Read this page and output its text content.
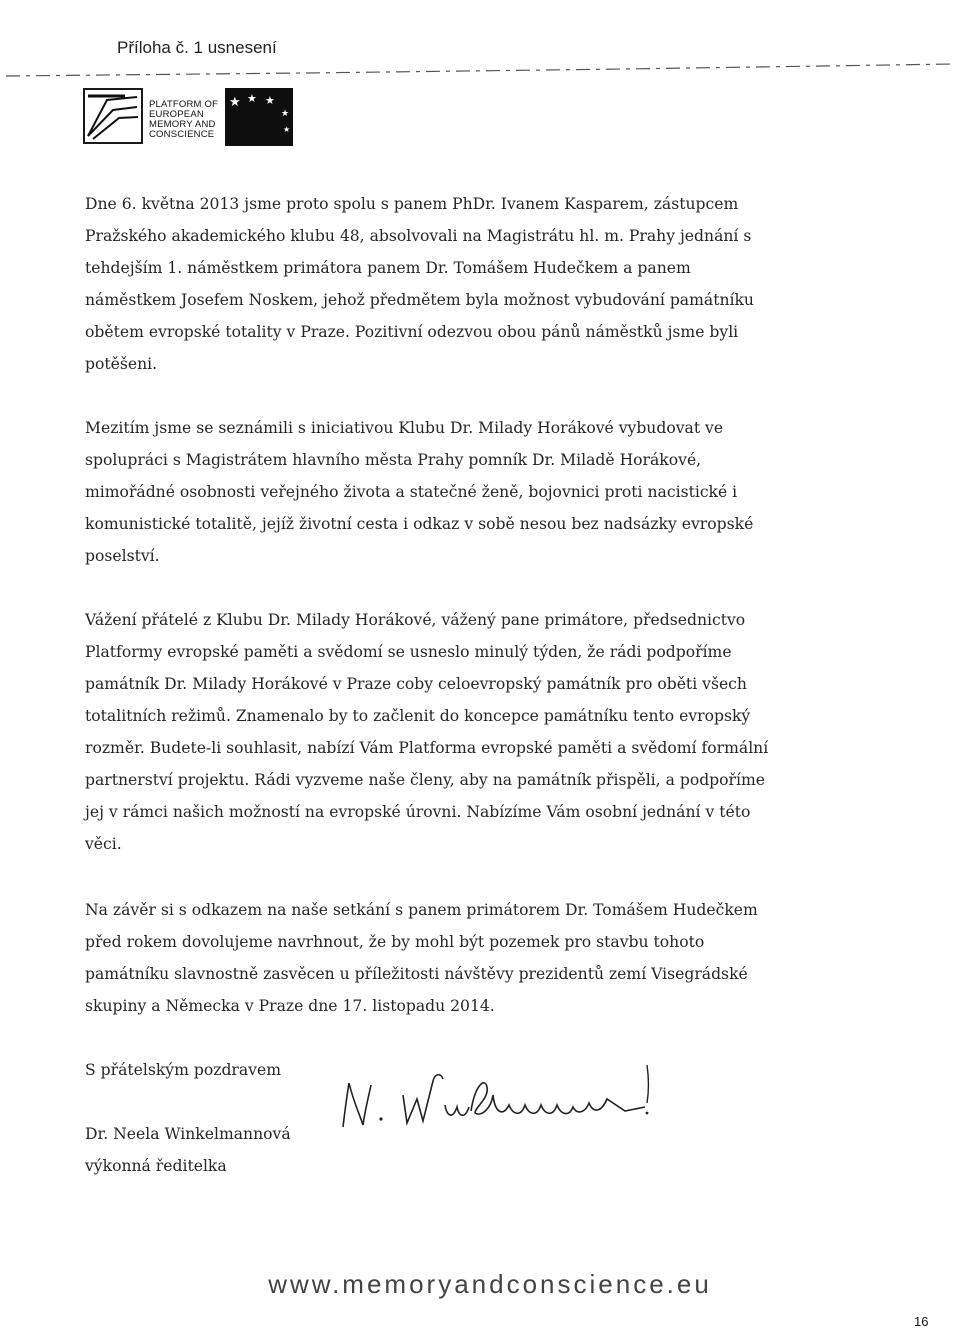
Příloha č. 1 usnesení
PLATFORM OF EUROPEAN MEMORY AND CONSCIENCE
★ ★ ★
★
★

Dne 6. května 2013 jsme proto spolu s panem PhDr. Ivanem Kasparem, zástupcem Pražského akademického klubu 48, absolvovali na Magistrátu hl. m. Prahy jednání s tehdejším 1. náměstkem primátora panem Dr. Tomášem Hudečkem a panem náměstkem Josefem Noskem, jehož předmětem byla možnost vybudování památníku obětem evropské totality v Praze. Pozitivní odezvou obou pánů náměstků jsme byli potěšeni.

Mezitím jsme se seznámili s iniciativou Klubu Dr. Milady Horákové vybudovat ve spolupráci s Magistrátem hlavního města Prahy pomník Dr. Miladě Horákové, mimořádné osobnosti veřejného života a statečné ženě, bojovnici proti nacistické i komunistické totalitě, jejíž životní cesta i odkaz v sobě nesou bez nadsázky evropské poselství.

Vážení přátelé z Klubu Dr. Milady Horákové, vážený pane primátore, předsednictvo Platformy evropské paměti a svědomí se usneslo minulý týden, že rádi podpoříme památník Dr. Milady Horákové v Praze coby celoevropský památník pro oběti všech totalitních režimů. Znamenalo by to začlenit do koncepce památníku tento evropský rozměr. Budete-li souhlasit, nabízí Vám Platforma evropské paměti a svědomí formální partnerství projektu. Rádi vyzveme naše členy, aby na památník přispěli, a podpoříme jej v rámci našich možností na evropské úrovni. Nabízíme Vám osobní jednání v této věci.

Na závěr si s odkazem na naše setkání s panem primátorem Dr. Tomášem Hudečkem před rokem dovolujeme navrhnout, že by mohl být pozemek pro stavbu tohoto památníku slavnostně zasvěcen u příležitosti návštěvy prezidentů zemí Visegrádské skupiny a Německa v Praze dne 17. listopadu 2014.

S přátelským pozdravem

Dr. Neela Winkelmannová

výkonná ředitelka

www.memoryandconscience.eu
16
